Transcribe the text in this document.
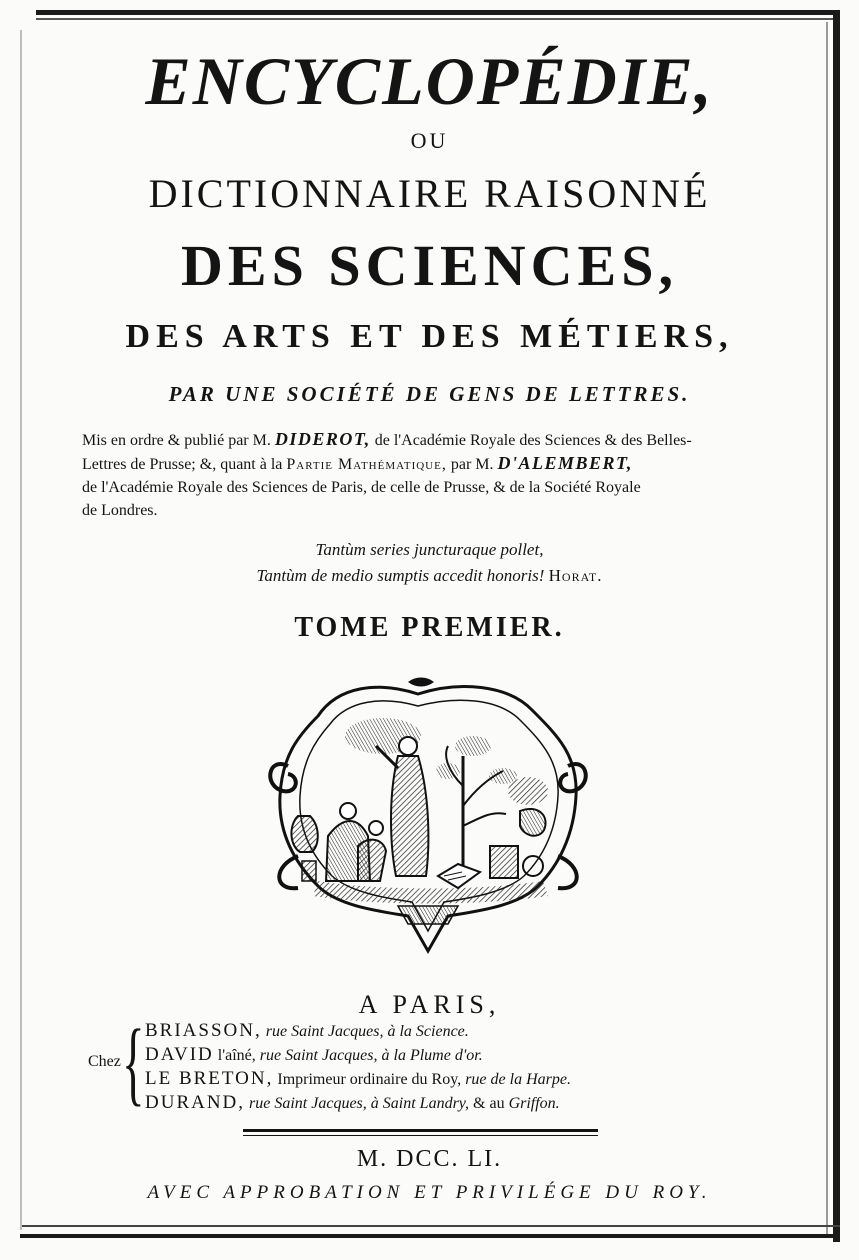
ENCYCLOPÉDIE,
OU
DICTIONNAIRE RAISONNÉ
DES SCIENCES,
DES ARTS ET DES MÉTIERS,
PAR UNE SOCIÉTÉ DE GENS DE LETTRES.
Mis en ordre & publié par M. DIDEROT, de l'Académie Royale des Sciences & des Belles-
Lettres de Prusse; &, quant à la Partie Mathématique, par M. D'ALEMBERT,
de l'Académie Royale des Sciences de Paris, de celle de Prusse, & de la Société Royale
de Londres.
Tantùm series juncturaque pollet,
Tantùm de medio sumptis accedit honoris! Horat.
TOME PREMIER.
A PARIS,
Chez { BRIASSON, rue Saint Jacques, à la Science.
DAVID l'aîné, rue Saint Jacques, à la Plume d'or.
LE BRETON, Imprimeur ordinaire du Roy, rue de la Harpe.
DURAND, rue Saint Jacques, à Saint Landry, & au Griffon.
M. DCC. LI.
AVEC APPROBATION ET PRIVILÉGE DU ROY.
